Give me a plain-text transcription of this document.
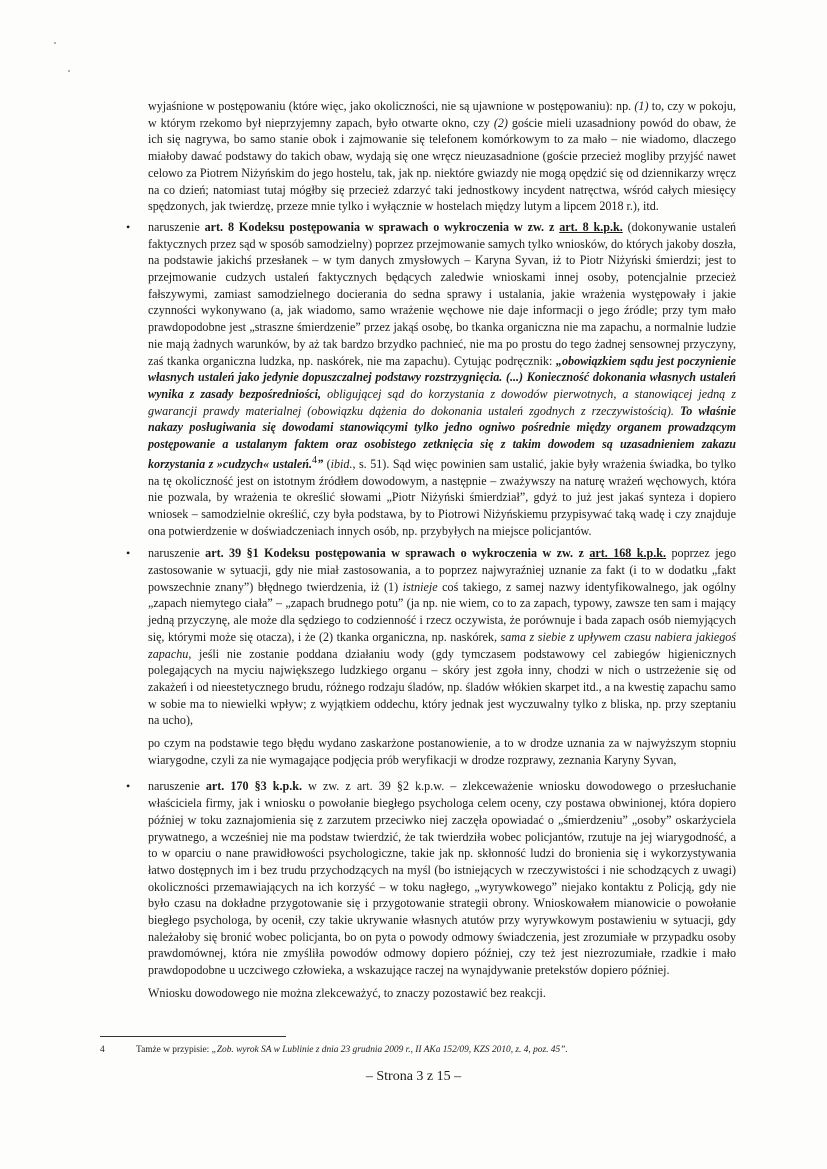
wyjaśnione w postępowaniu (które więc, jako okoliczności, nie są ujawnione w postępowaniu): np. (1) to, czy w pokoju, w którym rzekomo był nieprzyjemny zapach, było otwarte okno, czy (2) goście mieli uzasadniony powód do obaw, że ich się nagrywa, bo samo stanie obok i zajmowanie się telefonem komórkowym to za mało – nie wiadomo, dlaczego miałoby dawać podstawy do takich obaw, wydają się one wręcz nieuzasadnione (goście przecież mogliby przyjść nawet celowo za Piotrem Niżyńskim do jego hostelu, tak, jak np. niektóre gwiazdy nie mogą opędzić się od dziennikarzy wręcz na co dzień; natomiast tutaj mógłby się przecież zdarzyć taki jednostkowy incydent natręctwa, wśród całych miesięcy spędzonych, jak twierdzę, przeze mnie tylko i wyłącznie w hostelach między lutym a lipcem 2018 r.), itd.

• naruszenie art. 8 Kodeksu postępowania w sprawach o wykroczenia w zw. z art. 8 k.p.k. (dokonywanie ustaleń faktycznych przez sąd w sposób samodzielny) poprzez przejmowanie samych tylko wniosków, do których jakoby doszła, na podstawie jakichś przesłanek – w tym danych zmysłowych – Karyna Syvan, iż to Piotr Niżyński śmierdzi; jest to przejmowanie cudzych ustaleń faktycznych będących zaledwie wnioskami innej osoby, potencjalnie przecież fałszywymi, zamiast samodzielnego docierania do sedna sprawy i ustalania, jakie wrażenia występowały i jakie czynności wykonywano (a, jak wiadomo, samo wrażenie węchowe nie daje informacji o jego źródle; przy tym mało prawdopodobne jest „straszne śmierdzenie” przez jakąś osobę, bo tkanka organiczna nie ma zapachu, a normalnie ludzie nie mają żadnych warunków, by aż tak bardzo brzydko pachnieć, nie ma po prostu do tego żadnej sensownej przyczyny, zaś tkanka organiczna ludzka, np. naskórek, nie ma zapachu). Cytując podręcznik: „obowiązkiem sądu jest poczynienie własnych ustaleń jako jedynie dopuszczalnej podstawy rozstrzygnięcia. (...) Konieczność dokonania własnych ustaleń wynika z zasady bezpośredniości, obligującej sąd do korzystania z dowodów pierwotnych, a stanowiącej jedną z gwarancji prawdy materialnej (obowiązku dążenia do dokonania ustaleń zgodnych z rzeczywistością). To właśnie nakazy posługiwania się dowodami stanowiącymi tylko jedno ogniwo pośrednie między organem prowadzącym postępowanie a ustalanym faktem oraz osobistego zetknięcia się z takim dowodem są uzasadnieniem zakazu korzystania z »cudzych« ustaleń.$^4$” (ibid., s. 51). Sąd więc powinien sam ustalić, jakie były wrażenia świadka, bo tylko na tę okoliczność jest on istotnym źródłem dowodowym, a następnie – zważywszy na naturę wrażeń węchowych, która nie pozwala, by wrażenia te określić słowami „Piotr Niżyński śmierdział”, gdyż to już jest jakaś synteza i dopiero wniosek – samodzielnie określić, czy była podstawa, by to Piotrowi Niżyńskiemu przypisywać taką wadę i czy znajduje ona potwierdzenie w doświadczeniach innych osób, np. przybyłych na miejsce policjantów.

• naruszenie art. 39 §1 Kodeksu postępowania w sprawach o wykroczenia w zw. z art. 168 k.p.k. poprzez jego zastosowanie w sytuacji, gdy nie miał zastosowania, a to poprzez najwyraźniej uznanie za fakt (i to w dodatku „fakt powszechnie znany”) błędnego twierdzenia, iż (1) istnieje coś takiego, z samej nazwy identyfikowalnego, jak ogólny „zapach niemytego ciała” – „zapach brudnego potu” (ja np. nie wiem, co to za zapach, typowy, zawsze ten sam i mający jedną przyczynę, ale może dla sędziego to codzienność i rzecz oczywista, że porównuje i bada zapach osób niemyjących się, którymi może się otacza), i że (2) tkanka organiczna, np. naskórek, sama z siebie z upływem czasu nabiera jakiegoś zapachu, jeśli nie zostanie poddana działaniu wody (gdy tymczasem podstawowy cel zabiegów higienicznych polegających na myciu największego ludzkiego organu – skóry jest zgoła inny, chodzi w nich o ustrzeżenie się od zakażeń i od nieestetycznego brudu, różnego rodzaju śladów, np. śladów włókien skarpet itd., a na kwestię zapachu samo w sobie ma to niewielki wpływ; z wyjątkiem oddechu, który jednak jest wyczuwalny tylko z bliska, np. przy szeptaniu na ucho),

po czym na podstawie tego błędu wydano zaskarżone postanowienie, a to w drodze uznania za w najwyższym stopniu wiarygodne, czyli za nie wymagające podjęcia prób weryfikacji w drodze rozprawy, zeznania Karyny Syvan,

• naruszenie art. 170 §3 k.p.k. w zw. z art. 39 §2 k.p.w. – zlekceważenie wniosku dowodowego o przesłuchanie właściciela firmy, jak i wniosku o powołanie biegłego psychologa celem oceny, czy postawa obwinionej, która dopiero później w toku zaznajomienia się z zarzutem przeciwko niej zaczęła opowiadać o „śmierdzeniu” „osoby” oskarżyciela prywatnego, a wcześniej nie ma podstaw twierdzić, że tak twierdziła wobec policjantów, rzutuje na jej wiarygodność, a to w oparciu o nane prawidłowości psychologiczne, takie jak np. skłonność ludzi do bronienia się i wykorzystywania łatwo dostępnych im i bez trudu przychodzących na myśl (bo istniejących w rzeczywistości i nie schodzących z uwagi) okoliczności przemawiających na ich korzyść – w toku nagłego, „wyrywkowego” niejako kontaktu z Policją, gdy nie było czasu na dokładne przygotowanie się i przygotowanie strategii obrony. Wnioskowałem mianowicie o powołanie biegłego psychologa, by ocenił, czy takie ukrywanie własnych atutów przy wyrywkowym postawieniu w sytuacji, gdy należałoby się bronić wobec policjanta, bo on pyta o powody odmowy świadczenia, jest zrozumiałe w przypadku osoby prawdomównej, która nie zmyśliła powodów odmowy dopiero później, czy też jest niezrozumiałe, rzadkie i mało prawdopodobne u uczciwego człowieka, a wskazujące raczej na wynajdywanie pretekstów dopiero później.

Wniosku dowodowego nie można zlekceważyć, to znaczy pozostawić bez reakcji.

4	Tamże w przypisie: „Zob. wyrok SA w Lublinie z dnia 23 grudnia 2009 r., II AKa 152/09, KZS 2010, z. 4, poz. 45”.
– Strona 3 z 15 –
